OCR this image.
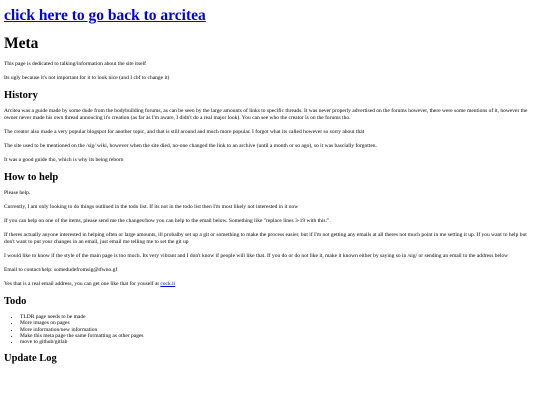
click here to go back to arcitea
Meta

This page is dedicated to talking/information about the site itself

Its ugly because it's not important for it to look nice (and I cbf to change it)

History

Arcitea was a guide made by some dude from the bodybuilding forums, as can be seen by the large amounts of links to specific threads. It was never properly advertised on the forums however, there were some mentions of it, however the owner never made his own thread annoucing it's creation (as far as I'm aware, I didn't do a real major look). You can see who the creator is on the forums tho.

The creator also made a very popular blogspot for another topic, and that is still around and much more popular. I forgot what its called however so sorry about that

The site used to be mentioned on the /sig/ wiki, however when the site died, no-one changed the link to an archive (until a month or so ago), so it was bascially forgotten.

It was a good guide tho, which is why its being reborn

How to help

Please help.

Currently, I am only looking to do things outlined in the todo list. If its not in the todo list then I'm most likely not interested in it now

If you can help on one of the items, please send me the changes/how you can help to the email below. Something like "replace lines 3-19 with this:".

If theres actually anyone interested in helping often or large amounts, ill probalby set up a git or something to make the process easier, but if I'm not getting any emails at all theres not much point in me setting it up. If you want to help but don't want to put your changes in an email, just email me telling me to set the git up

I would like to know if the style of the main page is too much. Its very vibrant and I don't know if people will like that. If you do or do not like it, make it known either by saying so in /sig/ or sending an email to the address below

Email to contact/help: somedudefromsig@tfwno.gf

Yes that is a real email address, you can get one like that for youself at cock.li

Todo
• TLDR page needs to be made
• More images on pages
• More information/new information
• Make this meta page the same formatting as other pages
• move to github/gitlab
Update Log
